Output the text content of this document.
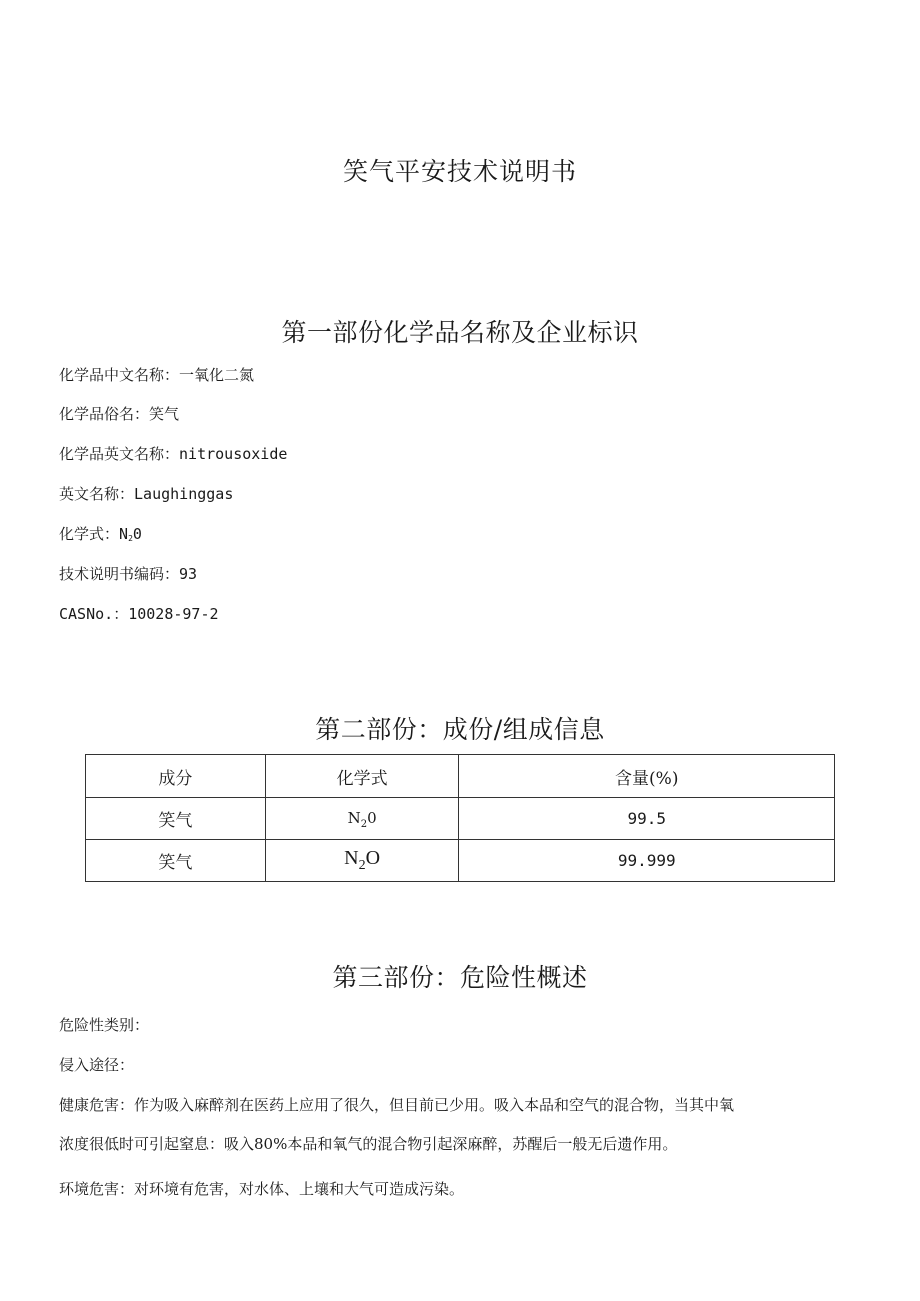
笑气平安技术说明书
第一部份化学品名称及企业标识
化学品中文名称：一氧化二氮
化学品俗名：笑气
化学品英文名称：nitrousoxide
英文名称：Laughinggas
化学式：N20
技术说明书编码：93
CASNo.：10028-97-2
第二部份：成份/组成信息
成分	化学式	含量(%)
笑气	$N_20$	99.5
笑气	$N_2O$	99.999
第三部份：危险性概述
危险性类别：
侵入途径：
健康危害：作为吸入麻醉剂在医药上应用了很久，但目前已少用。吸入本品和空气的混合物，当其中氧
浓度很低时可引起窒息：吸入80%本品和氧气的混合物引起深麻醉，苏醒后一般无后遗作用。
环境危害：对环境有危害，对水体、上壤和大气可造成污染。
